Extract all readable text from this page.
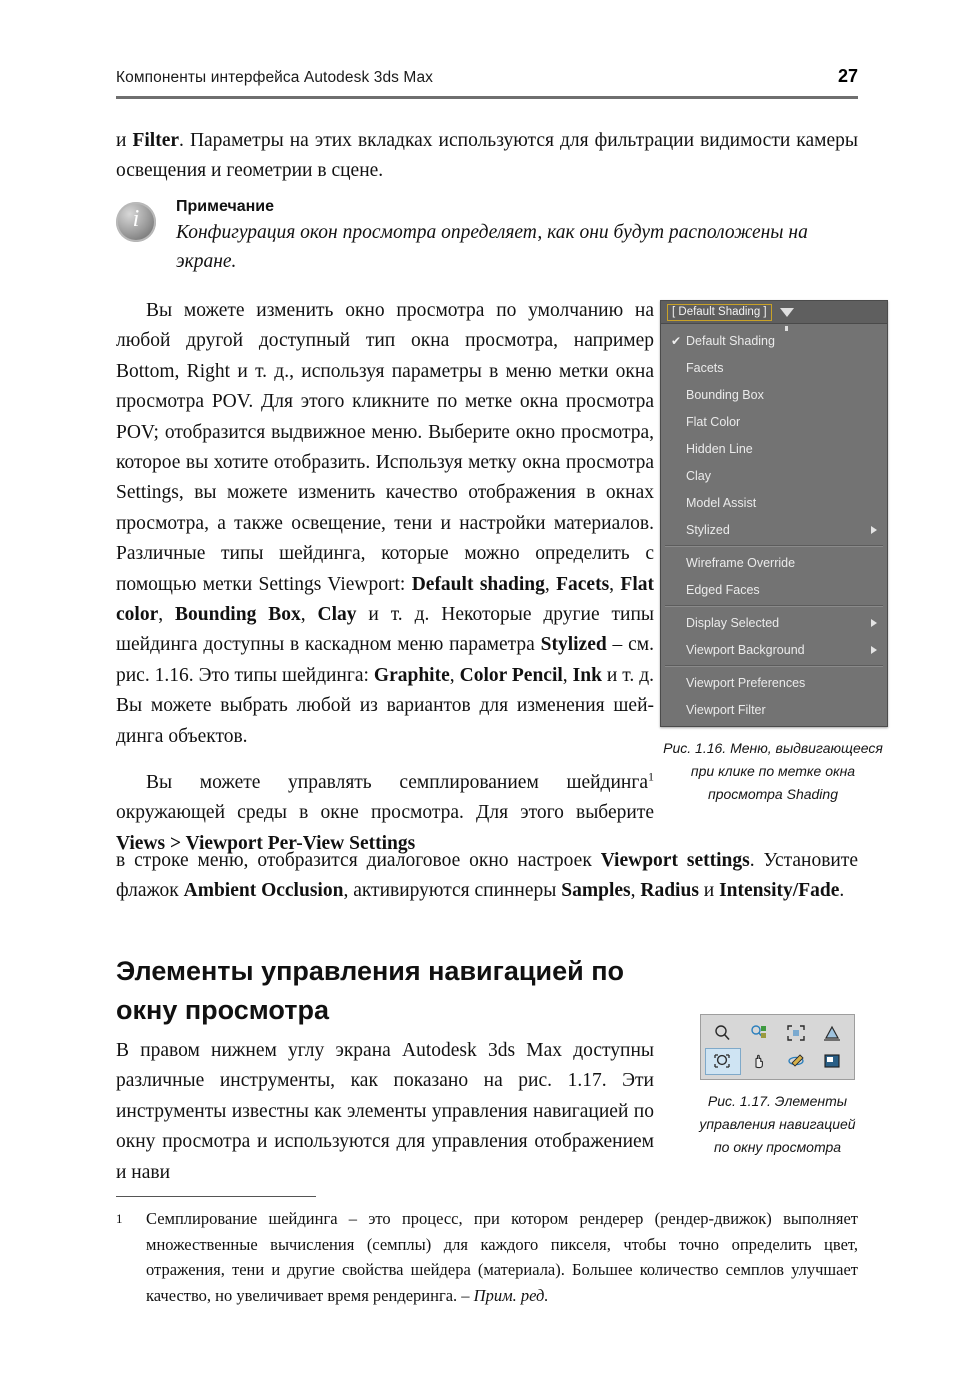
Компоненты интерфейса Autodesk 3ds Max	27
и Filter. Параметры на этих вкладках используются для фильтрации видимости камеры освещения и геометрии в сцене.
i
Примечание
Конфигурация окон просмотра определяет, как они будут расположены на экране.
Вы можете изменить окно просмотра по умолчанию на любой другой доступный тип окна просмотра, например Bottom, Right и т. д., используя параметры в меню метки окна просмотра POV. Для этого кликните по метке окна просмотра POV; отобразится выдвижное меню. Выберите окно просмотра, которое вы хотите отобразить. Используя метку окна просмотра Settings, вы можете изменить качество отображения в окнах просмотра, а также освещение, тени и настройки материалов. Различные типы шейдинга, которые можно определить с помощью метки Settings Viewport: Default shading, Facets, Flat color, Bounding Box, Clay и т. д. Некоторые другие типы шейдинга доступны в каскадном меню параметра Stylized – см. рис. 1.16. Это типы шейдинга: Graphite, Color Pencil, Ink и т. д. Вы можете выбрать любой из вариантов для изменения шейдинга объектов.
Вы можете управлять семплированием шейдинга$^1$ окружающей среды в окне просмотра. Для этого выберите Views > Viewport Per-View Settings
в строке меню, отобразится диалоговое окно настроек Viewport settings. Установите флажок Ambient Occlusion, активируются спиннеры Samples, Radius и Intensity/Fade.
[ Default Shading ]
✔ Default Shading
Facets
Bounding Box
Flat Color
Hidden Line
Clay
Model Assist
Stylized
Wireframe Override
Edged Faces
Display Selected
Viewport Background
Viewport Preferences
Viewport Filter
Рис. 1.16. Меню, выдвигающееся при клике по метке окна просмотра Shading
Элементы управления навигацией по окну просмотра
В правом нижнем углу экрана Autodesk 3ds Max доступны различные инструменты, как показано на рис. 1.17. Эти инструменты известны как элементы управления навигацией по окну просмотра и используются для управления отображением и нави
Рис. 1.17. Элементы управления навигацией по окну просмотра
1 Семплирование шейдинга – это процесс, при котором рендерер (рендер-движок) выполняет множественные вычисления (семплы) для каждого пикселя, чтобы точно определить цвет, отражения, тени и другие свойства шейдера (материала). Большее количество семплов улучшает качество, но увеличивает время рендеринга. – Прим. ред.
